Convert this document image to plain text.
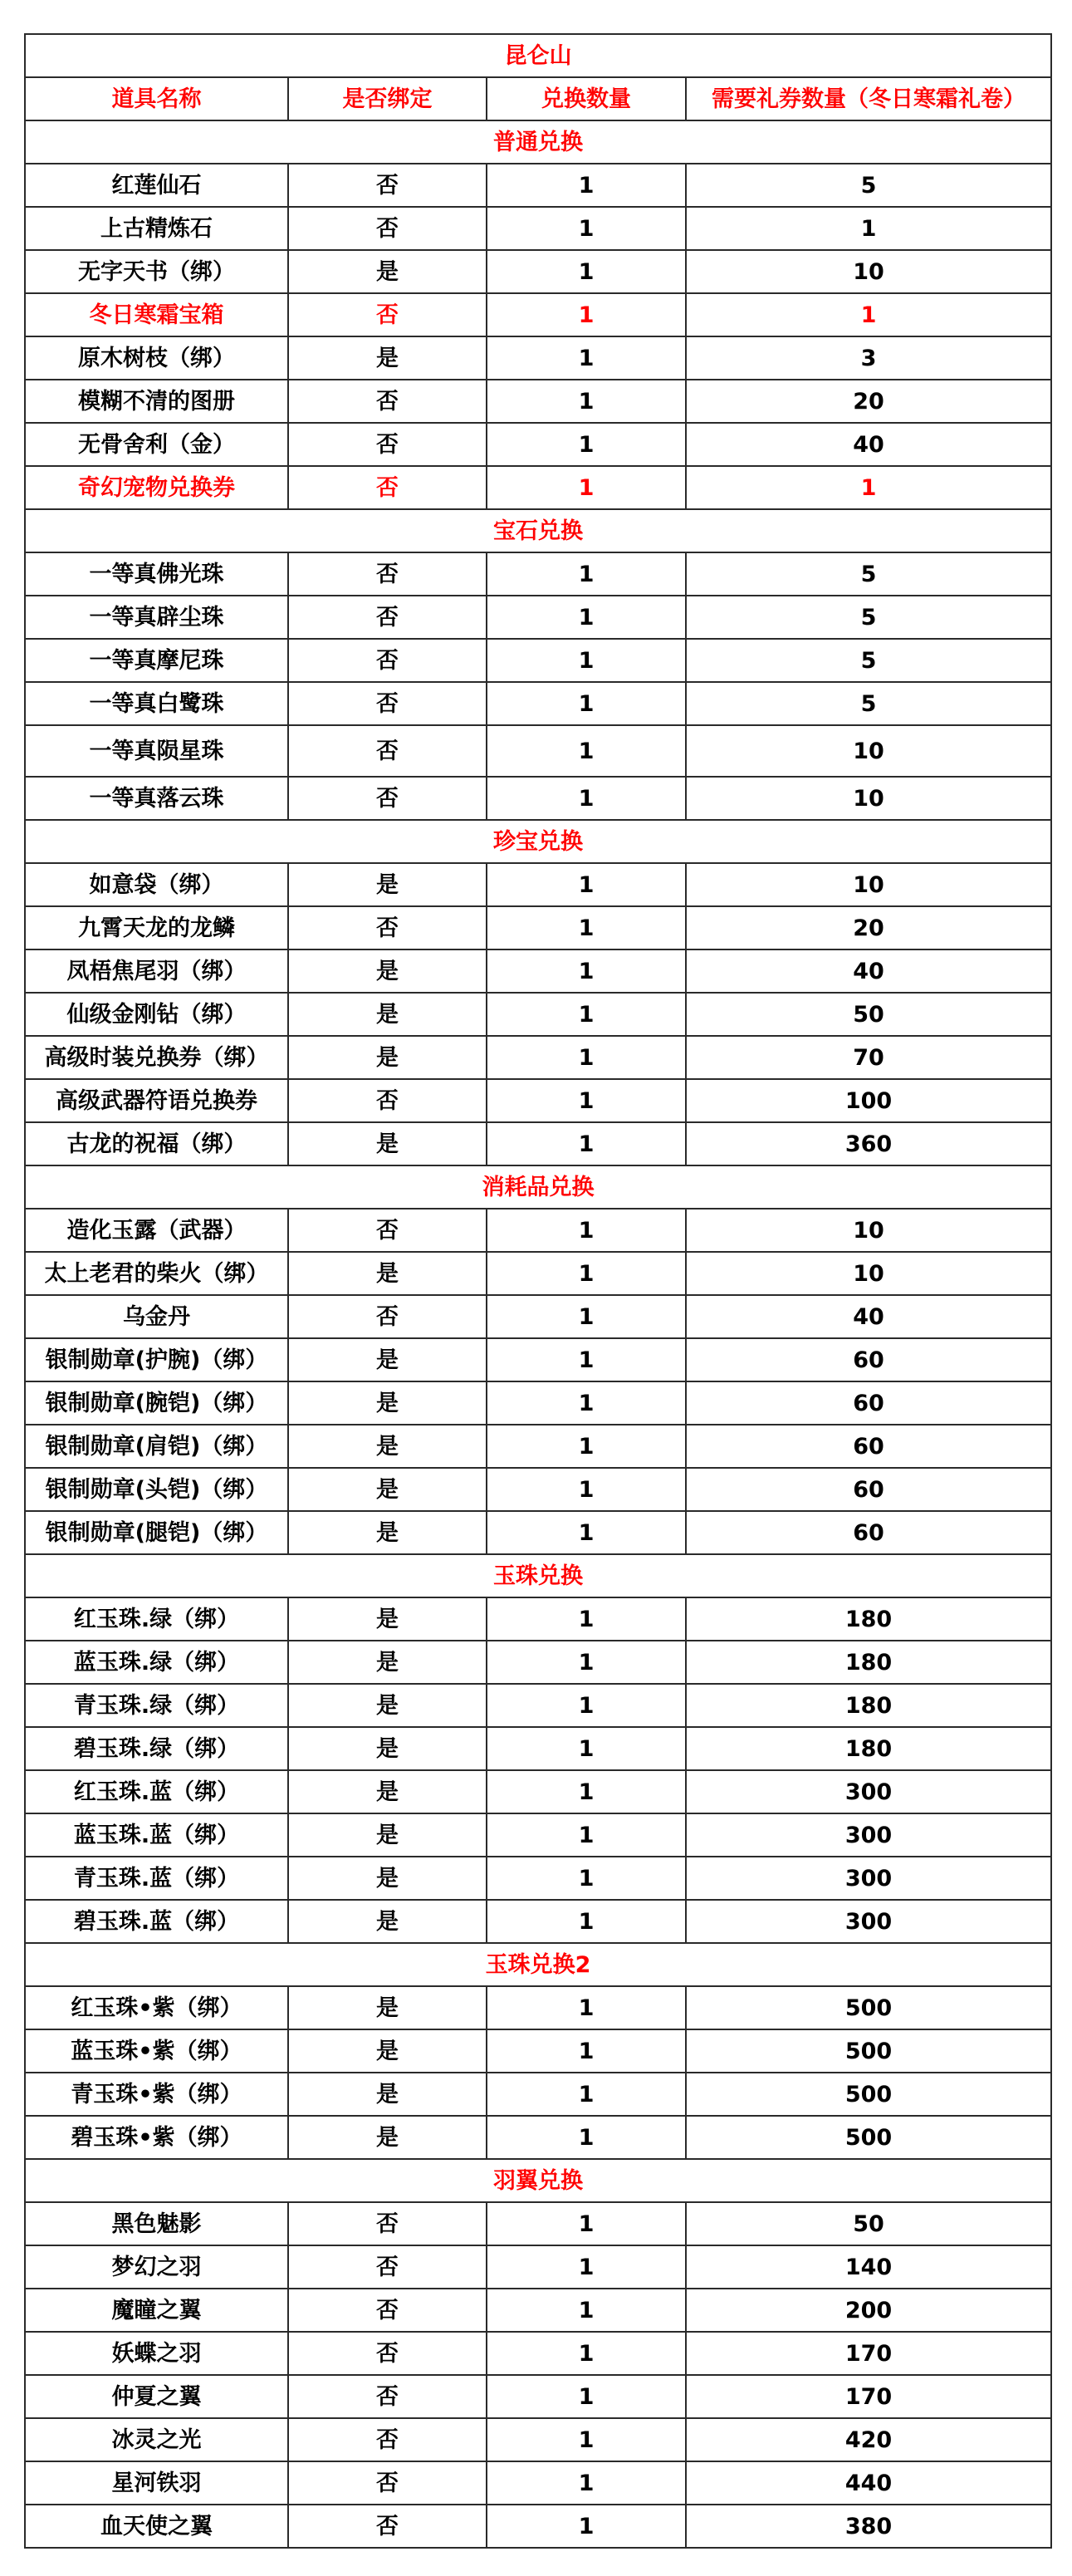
昆仑山			
道具名称	是否绑定	兑换数量	需要礼券数量（冬日寒霜礼卷）
普通兑换			
红莲仙石	否	1	5
上古精炼石	否	1	1
无字天书（绑）	是	1	10
冬日寒霜宝箱	否	1	1
原木树枝（绑）	是	1	3
模糊不清的图册	否	1	20
无骨舍利（金）	否	1	40
奇幻宠物兑换券	否	1	1
宝石兑换			
一等真佛光珠	否	1	5
一等真辟尘珠	否	1	5
一等真摩尼珠	否	1	5
一等真白鹭珠	否	1	5
一等真陨星珠	否	1	10
一等真落云珠	否	1	10
珍宝兑换			
如意袋（绑）	是	1	10
九霄天龙的龙鳞	否	1	20
凤梧焦尾羽（绑）	是	1	40
仙级金刚钻（绑）	是	1	50
高级时装兑换券（绑）	是	1	70
高级武器符语兑换券	否	1	100
古龙的祝福（绑）	是	1	360
消耗品兑换			
造化玉露（武器）	否	1	10
太上老君的柴火（绑）	是	1	10
乌金丹	否	1	40
银制勋章(护腕)（绑）	是	1	60
银制勋章(腕铠)（绑）	是	1	60
银制勋章(肩铠)（绑）	是	1	60
银制勋章(头铠)（绑）	是	1	60
银制勋章(腿铠)（绑）	是	1	60
玉珠兑换			
红玉珠.绿（绑）	是	1	180
蓝玉珠.绿（绑）	是	1	180
青玉珠.绿（绑）	是	1	180
碧玉珠.绿（绑）	是	1	180
红玉珠.蓝（绑）	是	1	300
蓝玉珠.蓝（绑）	是	1	300
青玉珠.蓝（绑）	是	1	300
碧玉珠.蓝（绑）	是	1	300
玉珠兑换2			
红玉珠•紫（绑）	是	1	500
蓝玉珠•紫（绑）	是	1	500
青玉珠•紫（绑）	是	1	500
碧玉珠•紫（绑）	是	1	500
羽翼兑换			
黑色魅影	否	1	50
梦幻之羽	否	1	140
魔瞳之翼	否	1	200
妖蝶之羽	否	1	170
仲夏之翼	否	1	170
冰灵之光	否	1	420
星河铁羽	否	1	440
血天使之翼	否	1	380
